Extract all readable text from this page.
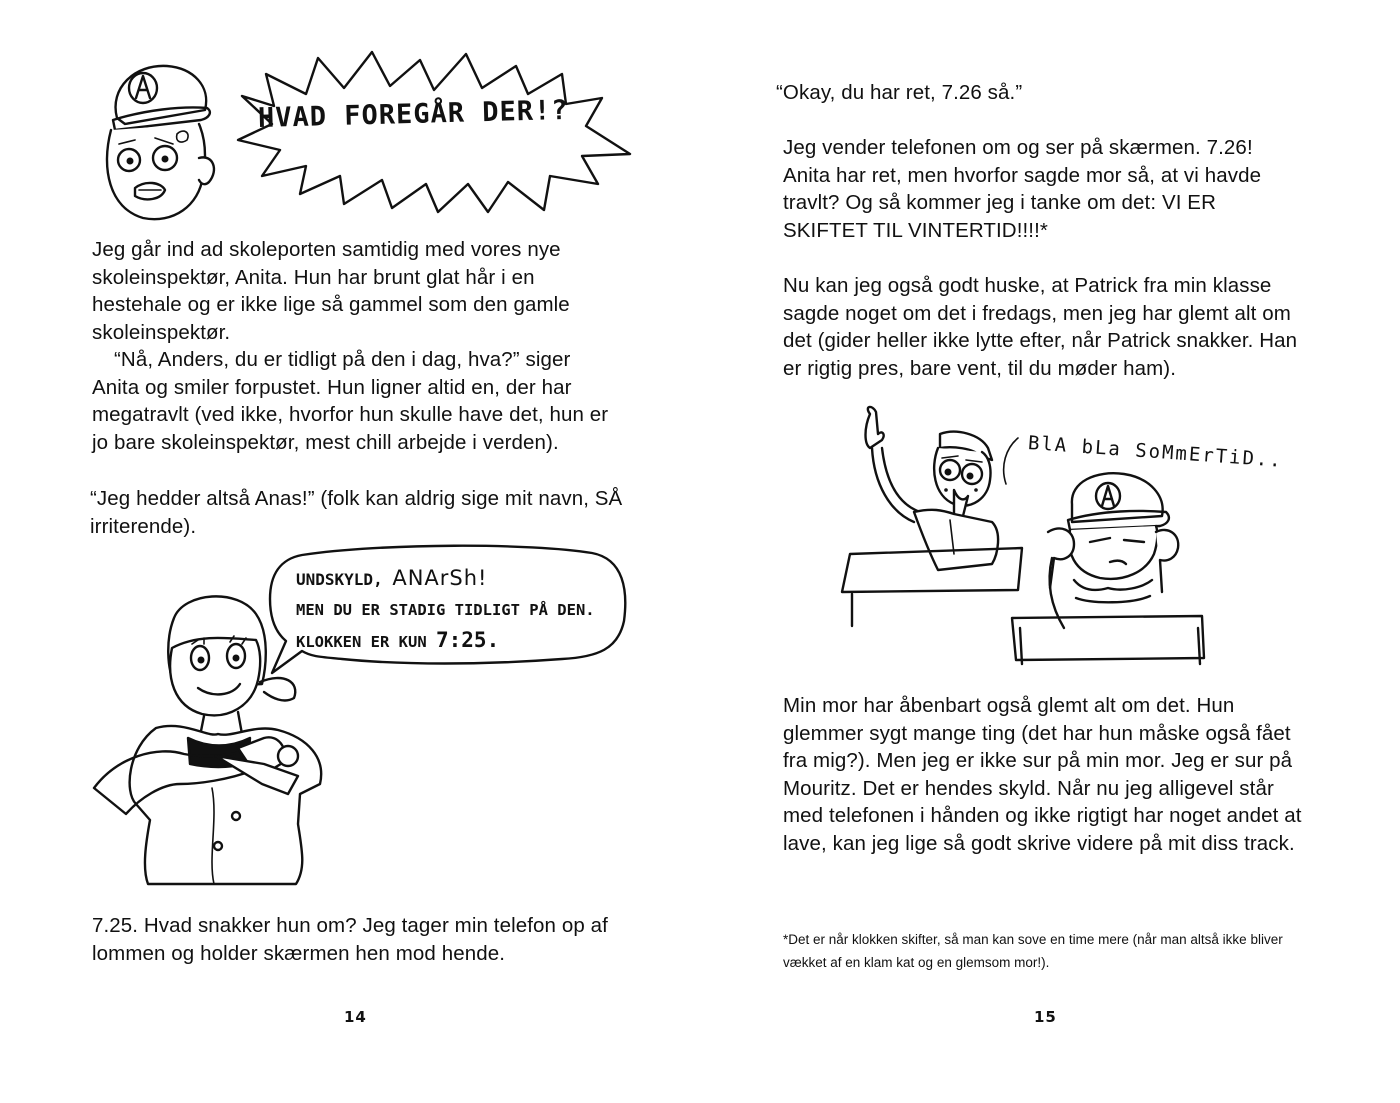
HVAD FOREGÅR DER!?

Jeg går ind ad skoleporten samtidig med vores nye skoleinspektør, Anita. Hun har brunt glat hår i en hestehale og er ikke lige så gammel som den gamle skoleinspektør.

“Nå, Anders, du er tidligt på den i dag, hva?” siger Anita og smiler forpustet. Hun ligner altid en, der har megatravlt (ved ikke, hvorfor hun skulle have det, hun er jo bare skoleinspektør, mest chill arbejde i verden).

“Jeg hedder altså Anas!” (folk kan aldrig sige mit navn, SÅ irriterende).

UNDSKYLD, ANArSh!
MEN DU ER STADIG TIDLIGT PÅ DEN.
KLOKKEN ER KUN 7:25.

7.25. Hvad snakker hun om? Jeg tager min telefon op af lommen og holder skærmen hen mod hende.

14

“Okay, du har ret, 7.26 så.”

Jeg vender telefonen om og ser på skærmen. 7.26! Anita har ret, men hvorfor sagde mor så, at vi havde travlt? Og så kommer jeg i tanke om det: VI ER SKIFTET TIL VINTERTID!!!!*

Nu kan jeg også godt huske, at Patrick fra min klasse sagde noget om det i fredags, men jeg har glemt alt om det (gider heller ikke lytte efter, når Patrick snakker. Han er rigtig pres, bare vent, til du møder ham).

BlA bLa SoMmErTiD..

Min mor har åbenbart også glemt alt om det. Hun glemmer sygt mange ting (det har hun måske også fået fra mig?). Men jeg er ikke sur på min mor. Jeg er sur på Mouritz. Det er hendes skyld. Når nu jeg alligevel står med telefonen i hånden og ikke rigtigt har noget andet at lave, kan jeg lige så godt skrive videre på mit diss track.

*Det er når klokken skifter, så man kan sove en time mere (når man altså ikke bliver vækket af en klam kat og en glemsom mor!).

15
